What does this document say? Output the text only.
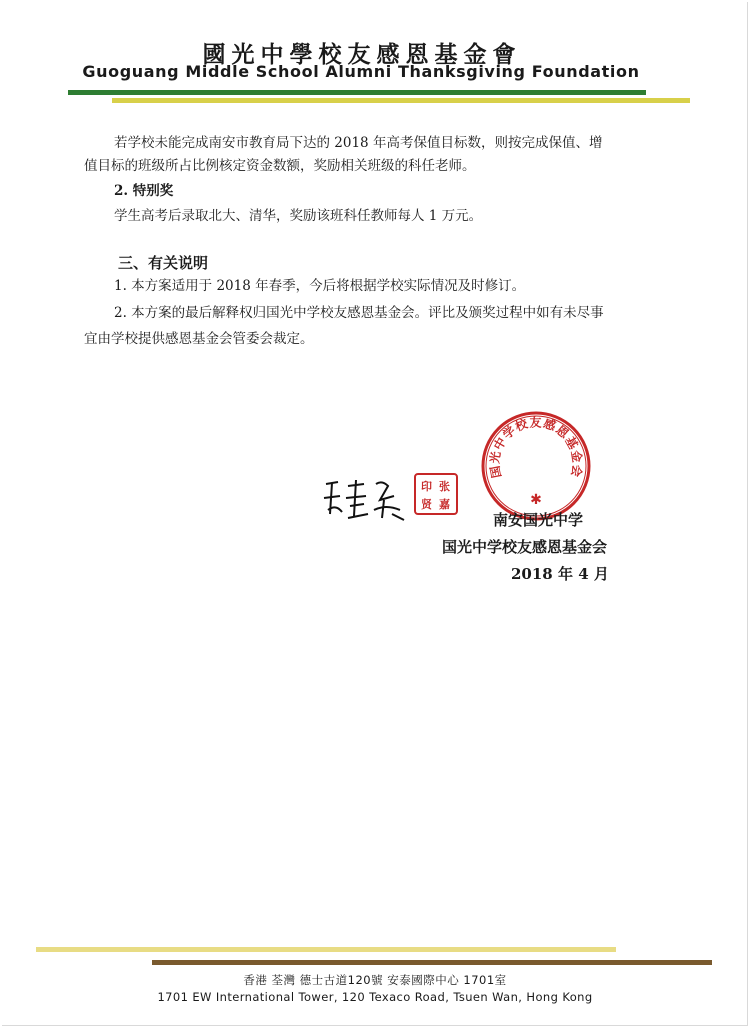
國光中學校友感恩基金會
Guoguang Middle School Alumni Thanksgiving Foundation
若学校未能完成南安市教育局下达的 2018 年高考保值目标数，则按完成保值、增
值目标的班级所占比例核定资金数额，奖励相关班级的科任老师。
2. 特别奖
学生高考后录取北大、清华，奖励该班科任教师每人 1 万元。
三、有关说明
1. 本方案适用于 2018 年春季，今后将根据学校实际情况及时修订。
2. 本方案的最后解释权归国光中学校友感恩基金会。评比及颁奖过程中如有未尽事
宜由学校提供感恩基金会管委会裁定。
张
嘉
印
贤
国光中学校友感恩基金会
✱
南安国光中学
国光中学校友感恩基金会
2018 年 4 月
香港 荃灣 德士古道120號 安泰國際中心 1701室
1701 EW International Tower, 120 Texaco Road, Tsuen Wan, Hong Kong
